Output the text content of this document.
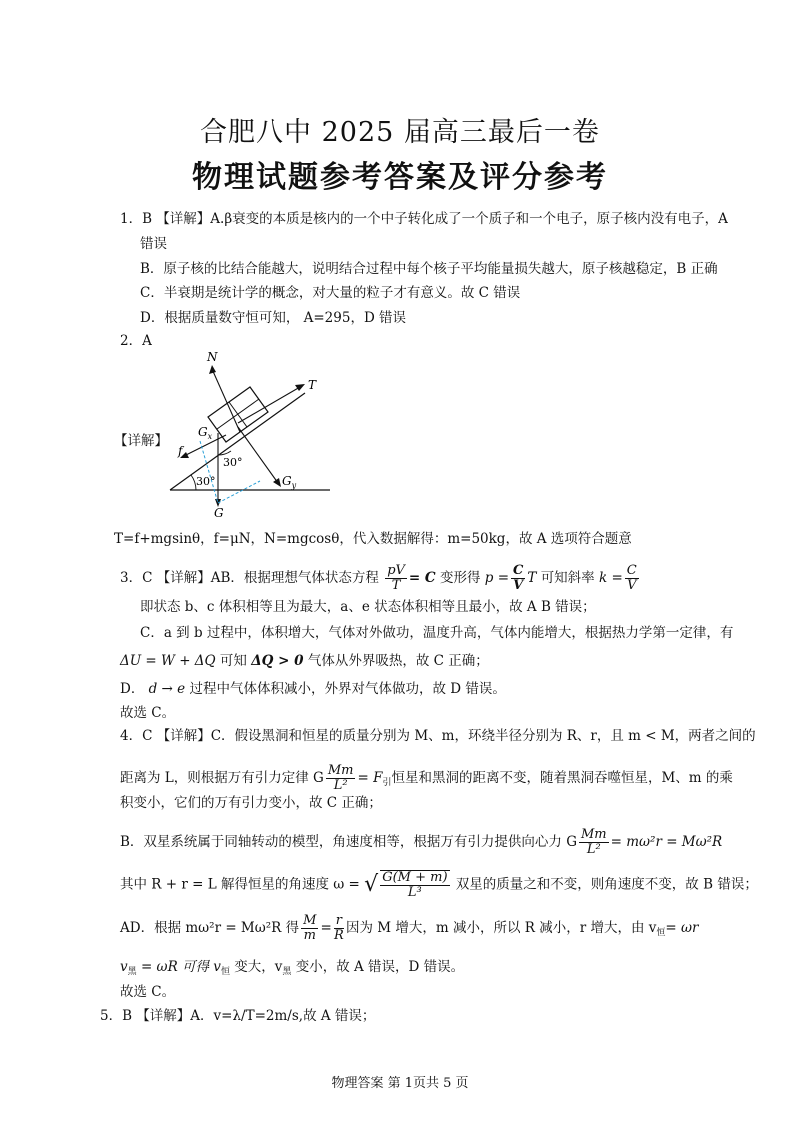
合肥八中 2025 届高三最后一卷
物理试题参考答案及评分参考
1．B 【详解】A.β衰变的本质是核内的一个中子转化成了一个质子和一个电子，原子核内没有电子，A
错误
B．原子核的比结合能越大，说明结合过程中每个核子平均能量损失越大，原子核越稳定，B 正确
C．半衰期是统计学的概念，对大量的粒子才有意义。故 C 错误
D．根据质量数守恒可知， A=295，D 错误
2．A
【详解】
N
T
$G_x$
f
30°
30°	$G_y$
G
T=f+mgsinθ，f=μN，N=mgcosθ，代入数据解得：m=50kg，故 A 选项符合题意
3．C 【详解】AB．根据理想气体状态方程 $\frac{pV}{T} = C$ 变形得 $p = \frac{C}{V}$ T 可知斜率 $k = \frac{C}{V}$
即状态 b、c 体积相等且为最大，a、e 状态体积相等且最小，故 A B 错误；
C．a 到 b 过程中，体积增大，气体对外做功，温度升高，气体内能增大，根据热力学第一定律，有
ΔU = W + ΔQ 可知 ΔQ > 0 气体从外界吸热，故 C 正确；
D． d → e 过程中气体体积减小，外界对气体做功，故 D 错误。
故选 C。
4．C 【详解】C．假设黑洞和恒星的质量分别为 M、m，环绕半径分别为 R、r，且 m < M，两者之间的
距离为 L，则根据万有引力定律 G $\frac{Mm}{\text{L²}} = F_引$恒星和黑洞的距离不变，随着黑洞吞噬恒星，M、m 的乘
积变小，它们的万有引力变小，故 C 正确；
B．双星系统属于同轴转动的模型，角速度相等，根据万有引力提供向心力 G $\frac{Mm}{\text{L²}} = m\omega^2r = M\omega^2R$
其中 R + r = L 解得恒星的角速度 ω = √ $\frac{G(M + m)}{\text{L³}}$ 双星的质量之和不变，则角速度不变，故 B 错误；
AD．根据 mω²r = Mω²R 得 $\frac{M}{m} = \frac{r}{R}$ 因为 M 增大，m 减小，所以 R 减小，r 增大，由 $v_恒= \omega r$
$v_黑 = \omega R$ 可得 $v_恒$ 变大，$v_黑$ 变小，故 A 错误，D 错误。
故选 C。
5．B 【详解】A．v=λ/T=2m/s,故 A 错误；
物理答案 第 1页共 5 页
